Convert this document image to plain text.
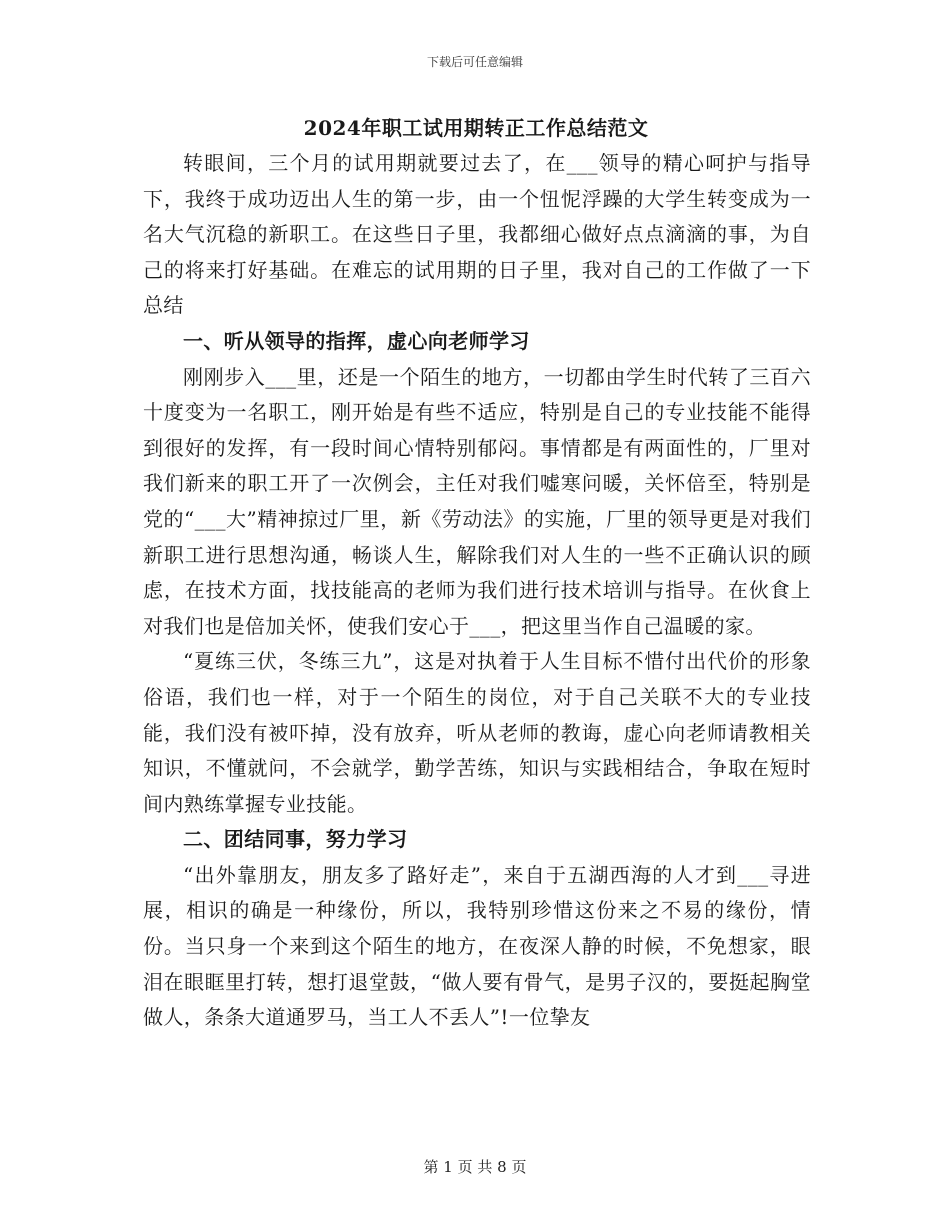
下载后可任意编辑
2024年职工试用期转正工作总结范文

转眼间，三个月的试用期就要过去了，在___领导的精心呵护与指导下，我终于成功迈出人生的第一步，由一个忸怩浮躁的大学生转变成为一名大气沉稳的新职工。在这些日子里，我都细心做好点点滴滴的事，为自己的将来打好基础。在难忘的试用期的日子里，我对自己的工作做了一下总结

一、听从领导的指挥，虚心向老师学习

刚刚步入___里，还是一个陌生的地方，一切都由学生时代转了三百六十度变为一名职工，刚开始是有些不适应，特别是自己的专业技能不能得到很好的发挥，有一段时间心情特别郁闷。事情都是有两面性的，厂里对我们新来的职工开了一次例会，主任对我们嘘寒问暖，关怀倍至，特别是党的“___大”精神掠过厂里，新《劳动法》的实施，厂里的领导更是对我们新职工进行思想沟通，畅谈人生，解除我们对人生的一些不正确认识的顾虑，在技术方面，找技能高的老师为我们进行技术培训与指导。在伙食上对我们也是倍加关怀，使我们安心于___，把这里当作自己温暖的家。

“夏练三伏，冬练三九”，这是对执着于人生目标不惜付出代价的形象俗语，我们也一样，对于一个陌生的岗位，对于自己关联不大的专业技能，我们没有被吓掉，没有放弃，听从老师的教诲，虚心向老师请教相关知识，不懂就问，不会就学，勤学苦练，知识与实践相结合，争取在短时间内熟练掌握专业技能。

二、团结同事，努力学习

“出外靠朋友，朋友多了路好走”，来自于五湖西海的人才到___寻进展，相识的确是一种缘份，所以，我特别珍惜这份来之不易的缘份，情份。当只身一个来到这个陌生的地方，在夜深人静的时候，不免想家，眼泪在眼眶里打转，想打退堂鼓，“做人要有骨气，是男子汉的，要挺起胸堂做人，条条大道通罗马，当工人不丢人”!一位挚友

第 1 页 共 8 页
